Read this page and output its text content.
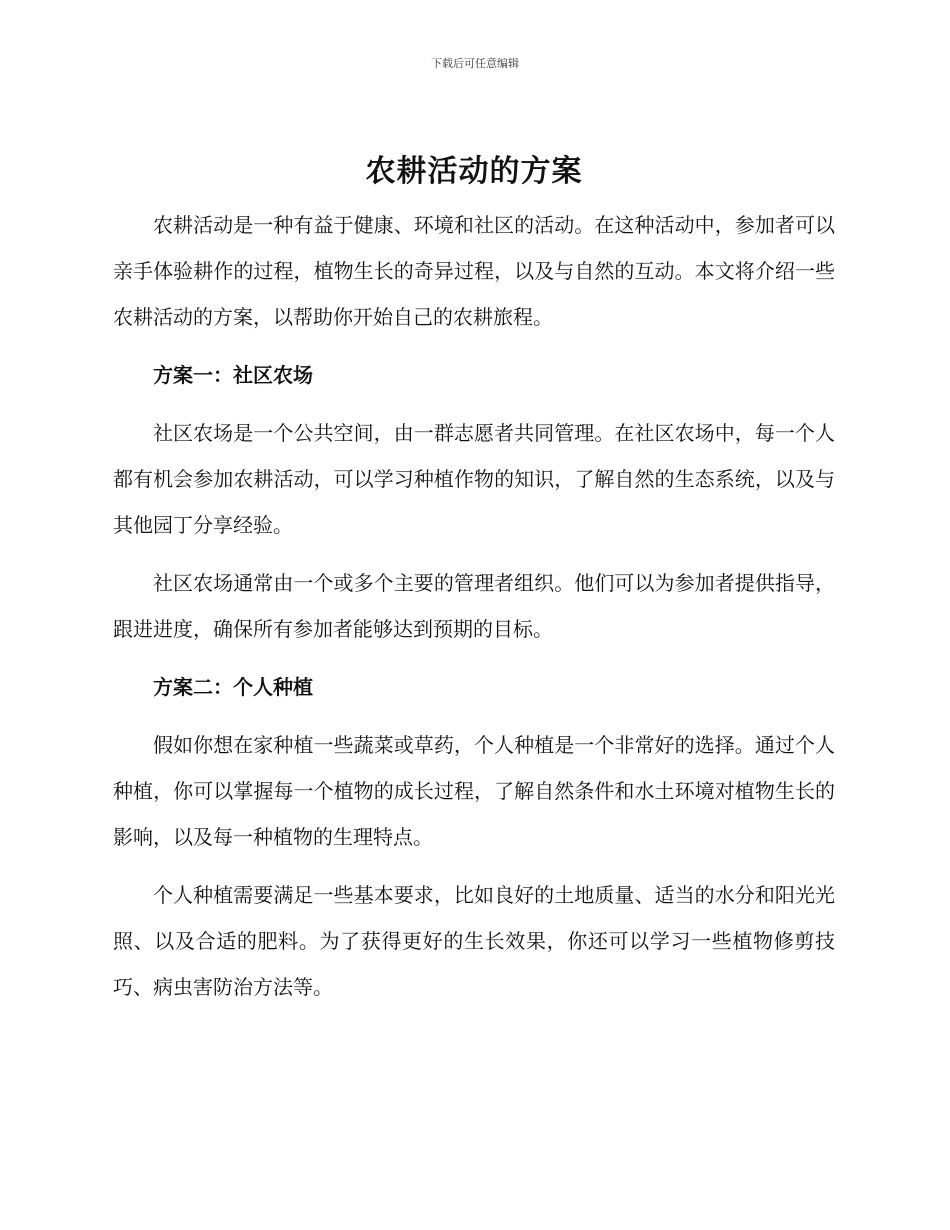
下载后可任意编辑
农耕活动的方案

农耕活动是一种有益于健康、环境和社区的活动。在这种活动中，参加者可以亲手体验耕作的过程，植物生长的奇异过程，以及与自然的互动。本文将介绍一些农耕活动的方案，以帮助你开始自己的农耕旅程。

方案一：社区农场

社区农场是一个公共空间，由一群志愿者共同管理。在社区农场中，每一个人都有机会参加农耕活动，可以学习种植作物的知识，了解自然的生态系统，以及与其他园丁分享经验。

社区农场通常由一个或多个主要的管理者组织。他们可以为参加者提供指导，跟进进度，确保所有参加者能够达到预期的目标。

方案二：个人种植

假如你想在家种植一些蔬菜或草药，个人种植是一个非常好的选择。通过个人种植，你可以掌握每一个植物的成长过程，了解自然条件和水土环境对植物生长的影响，以及每一种植物的生理特点。

个人种植需要满足一些基本要求，比如良好的土地质量、适当的水分和阳光光照、以及合适的肥料。为了获得更好的生长效果，你还可以学习一些植物修剪技巧、病虫害防治方法等。
